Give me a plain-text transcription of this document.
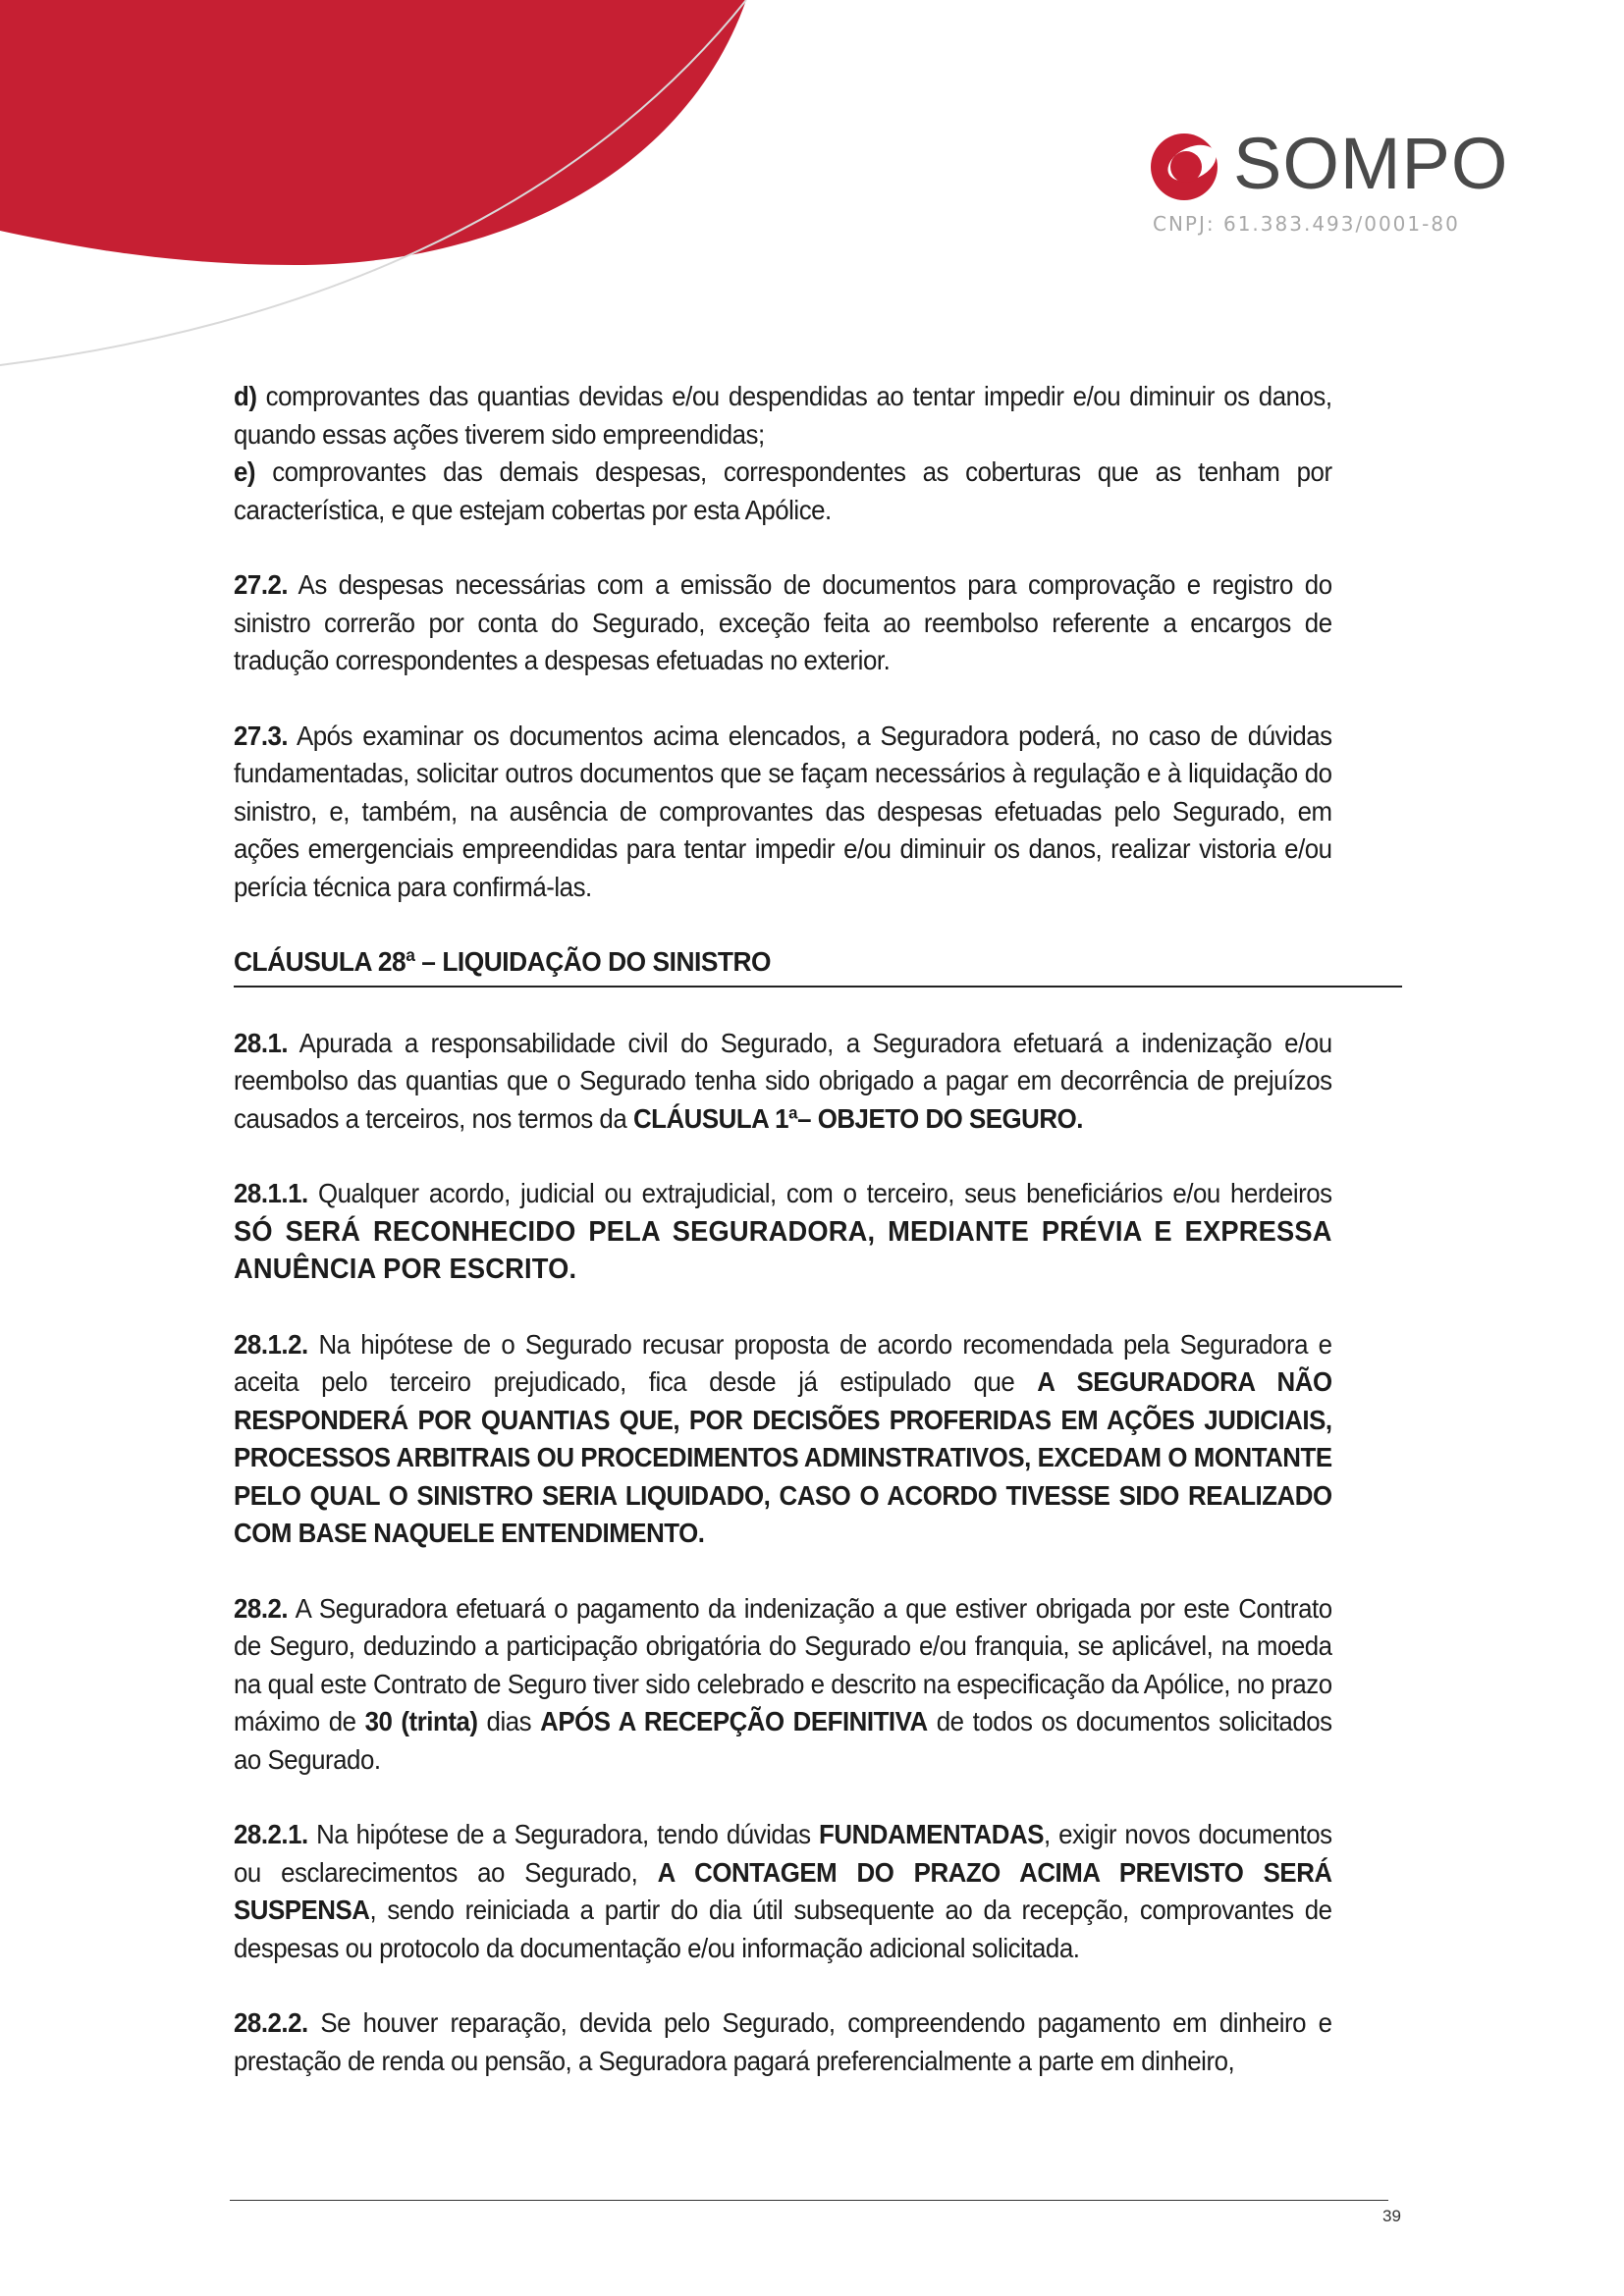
SOMPO
CNPJ: 61.383.493/0001-80

d) comprovantes das quantias devidas e/ou despendidas ao tentar impedir e/ou diminuir os danos, quando essas ações tiverem sido empreendidas;

e) comprovantes das demais despesas, correspondentes as coberturas que as tenham por característica, e que estejam cobertas por esta Apólice.

27.2. As despesas necessárias com a emissão de documentos para comprovação e registro do sinistro correrão por conta do Segurado, exceção feita ao reembolso referente a encargos de tradução correspondentes a despesas efetuadas no exterior.

27.3. Após examinar os documentos acima elencados, a Seguradora poderá, no caso de dúvidas fundamentadas, solicitar outros documentos que se façam necessários à regulação e à liquidação do sinistro, e, também, na ausência de comprovantes das despesas efetuadas pelo Segurado, em ações emergenciais empreendidas para tentar impedir e/ou diminuir os danos, realizar vistoria e/ou perícia técnica para confirmá-las.

CLÁUSULA 28ª – LIQUIDAÇÃO DO SINISTRO

28.1. Apurada a responsabilidade civil do Segurado, a Seguradora efetuará a indenização e/ou reembolso das quantias que o Segurado tenha sido obrigado a pagar em decorrência de prejuízos causados a terceiros, nos termos da CLÁUSULA 1ª– OBJETO DO SEGURO.

28.1.1. Qualquer acordo, judicial ou extrajudicial, com o terceiro, seus beneficiários e/ou herdeiros SÓ SERÁ RECONHECIDO PELA SEGURADORA, MEDIANTE PRÉVIA E EXPRESSA ANUÊNCIA POR ESCRITO.

28.1.2. Na hipótese de o Segurado recusar proposta de acordo recomendada pela Seguradora e aceita pelo terceiro prejudicado, fica desde já estipulado que A SEGURADORA NÃO RESPONDERÁ POR QUANTIAS QUE, POR DECISÕES PROFERIDAS EM AÇÕES JUDICIAIS, PROCESSOS ARBITRAIS OU PROCEDIMENTOS ADMINSTRATIVOS, EXCEDAM O MONTANTE PELO QUAL O SINISTRO SERIA LIQUIDADO, CASO O ACORDO TIVESSE SIDO REALIZADO COM BASE NAQUELE ENTENDIMENTO.

28.2. A Seguradora efetuará o pagamento da indenização a que estiver obrigada por este Contrato de Seguro, deduzindo a participação obrigatória do Segurado e/ou franquia, se aplicável, na moeda na qual este Contrato de Seguro tiver sido celebrado e descrito na especificação da Apólice, no prazo máximo de 30 (trinta) dias APÓS A RECEPÇÃO DEFINITIVA de todos os documentos solicitados ao Segurado.

28.2.1. Na hipótese de a Seguradora, tendo dúvidas FUNDAMENTADAS, exigir novos documentos ou esclarecimentos ao Segurado, A CONTAGEM DO PRAZO ACIMA PREVISTO SERÁ SUSPENSA, sendo reiniciada a partir do dia útil subsequente ao da recepção, comprovantes de despesas ou protocolo da documentação e/ou informação adicional solicitada.

28.2.2. Se houver reparação, devida pelo Segurado, compreendendo pagamento em dinheiro e prestação de renda ou pensão, a Seguradora pagará preferencialmente a parte em dinheiro,

39
